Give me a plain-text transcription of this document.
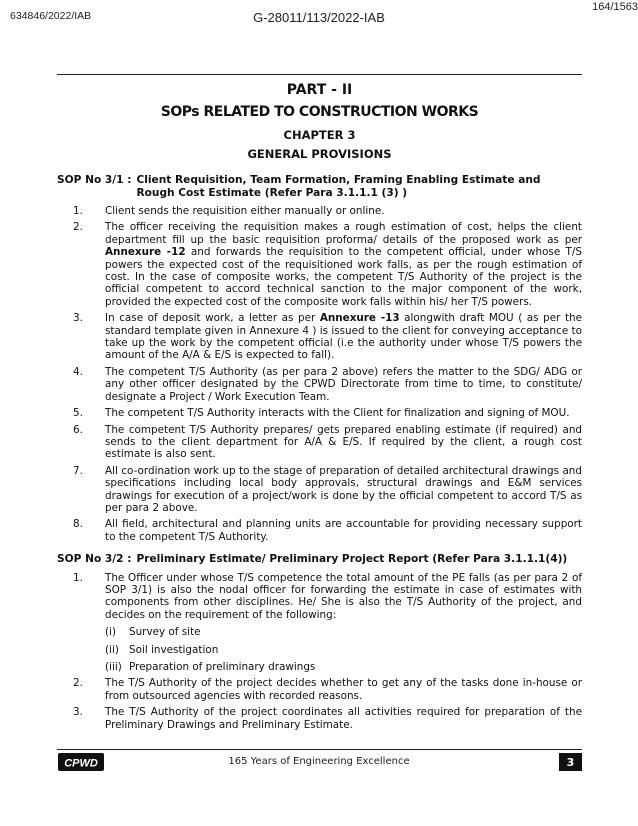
164/1563
634846/2022/IAB	G-28011/113/2022-IAB
PART - II
SOPs RELATED TO CONSTRUCTION WORKS
CHAPTER 3
GENERAL PROVISIONS
SOP No 3/1 : Client Requisition, Team Formation, Framing Enabling Estimate and Rough Cost Estimate (Refer Para 3.1.1.1 (3) )
1.	Client sends the requisition either manually or online.
2.	The officer receiving the requisition makes a rough estimation of cost, helps the client department fill up the basic requisition proforma/ details of the proposed work as per Annexure -12 and forwards the requisition to the competent official, under whose T/S powers the expected cost of the requisitioned work falls, as per the rough estimation of cost. In the case of composite works, the competent T/S Authority of the project is the official competent to accord technical sanction to the major component of the work, provided the expected cost of the composite work falls within his/ her T/S powers.
3.	In case of deposit work, a letter as per Annexure -13 alongwith draft MOU ( as per the standard template given in Annexure 4 ) is issued to the client for conveying acceptance to take up the work by the competent official (i.e the authority under whose T/S powers the amount of the A/A & E/S is expected to fall).
4.	The competent T/S Authority (as per para 2 above) refers the matter to the SDG/ ADG or any other officer designated by the CPWD Directorate from time to time, to constitute/ designate a Project / Work Execution Team.
5.	The competent T/S Authority interacts with the Client for finalization and signing of MOU.
6.	The competent T/S Authority prepares/ gets prepared enabling estimate (if required) and sends to the client department for A/A & E/S. If required by the client, a rough cost estimate is also sent.
7.	All co-ordination work up to the stage of preparation of detailed architectural drawings and specifications including local body approvals, structural drawings and E&M services drawings for execution of a project/work is done by the official competent to accord T/S as per para 2 above.
8.	All field, architectural and planning units are accountable for providing necessary support to the competent T/S Authority.
SOP No 3/2 : Preliminary Estimate/ Preliminary Project Report (Refer Para 3.1.1.1(4))
1.	The Officer under whose T/S competence the total amount of the PE falls (as per para 2 of SOP 3/1) is also the nodal officer for forwarding the estimate in case of estimates with components from other disciplines. He/ She is also the T/S Authority of the project, and decides on the requirement of the following:
(i)	Survey of site
(ii) Soil investigation
(iii) Preparation of preliminary drawings
2.	The T/S Authority of the project decides whether to get any of the tasks done in-house or from outsourced agencies with recorded reasons.
3.	The T/S Authority of the project coordinates all activities required for preparation of the Preliminary Drawings and Preliminary Estimate.
CPWD	165 Years of Engineering Excellence	3
